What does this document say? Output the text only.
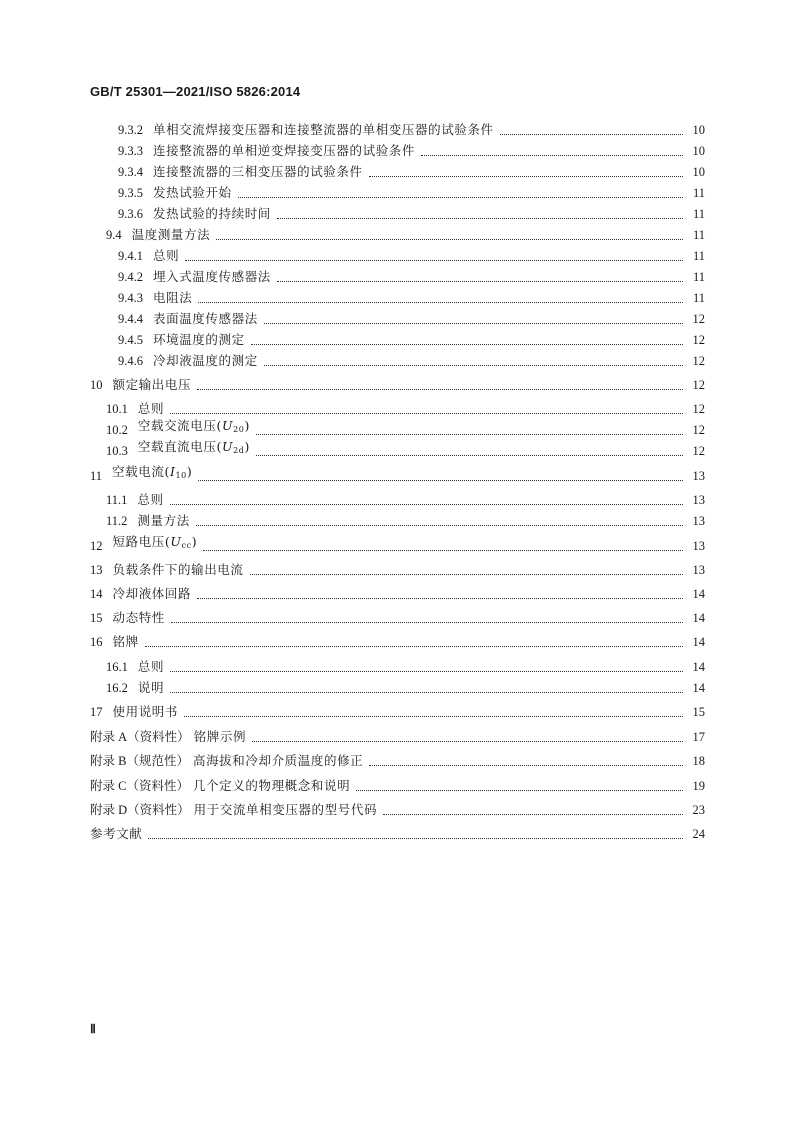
GB/T 25301—2021/ISO 5826:2014
9.3.2 单相交流焊接变压器和连接整流器的单相变压器的试验条件	10
9.3.3 连接整流器的单相逆变焊接变压器的试验条件	10
9.3.4 连接整流器的三相变压器的试验条件	10
9.3.5 发热试验开始	11
9.3.6 发热试验的持续时间	11
9.4 温度测量方法	11
9.4.1 总则	11
9.4.2 埋入式温度传感器法	11
9.4.3 电阻法	11
9.4.4 表面温度传感器法	12
9.4.5 环境温度的测定	12
9.4.6 冷却液温度的测定	12
10 额定输出电压	12
10.1 总则	12
10.2 空载交流电压$(U_{20})$	12
10.3 空载直流电压$(U_{2d})$	12
11 空载电流$(I_{10})$	13
11.1 总则	13
11.2 测量方法	13
12 短路电压$(U_{cc})$	13
13 负载条件下的输出电流	13
14 冷却液体回路	14
15 动态特性	14
16 铭牌	14
16.1 总则	14
16.2 说明	14
17 使用说明书	15
附录 A（资料性） 铭牌示例	17
附录 B（规范性） 高海拔和冷却介质温度的修正	18
附录 C（资料性） 几个定义的物理概念和说明	19
附录 D（资料性） 用于交流单相变压器的型号代码	23
参考文献	24
Ⅱ
